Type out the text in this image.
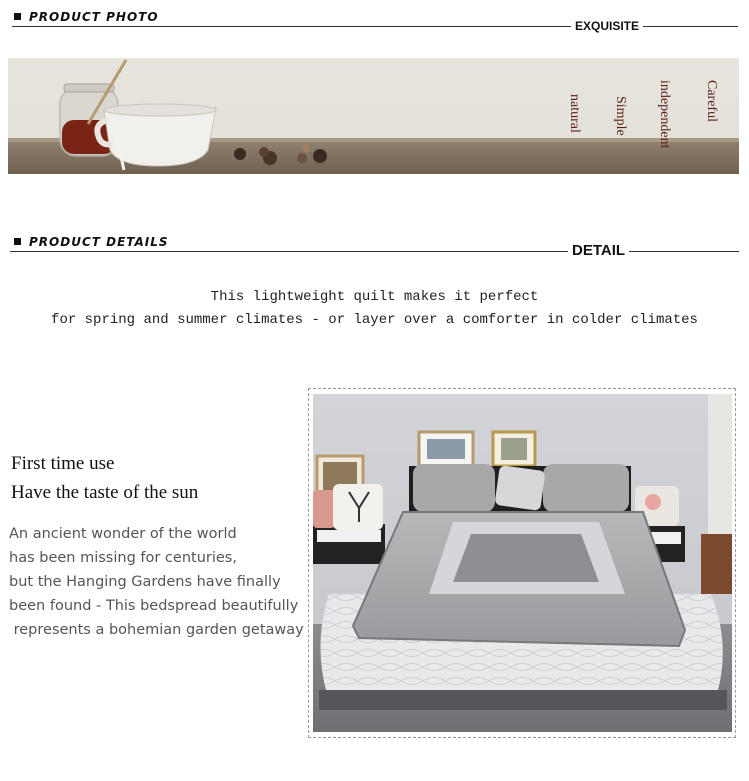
PRODUCT PHOTO
EXQUISITE
Careful
independent
Simple
natural
PRODUCT DETAILS	DETAIL
This lightweight quilt makes it perfect
for spring and summer climates - or layer over a comforter in colder climates
First time use
Have the taste of the sun
An ancient wonder of the world
has been missing for centuries,
but the Hanging Gardens have finally
been found - This bedspread beautifully
represents a bohemian garden getaway
